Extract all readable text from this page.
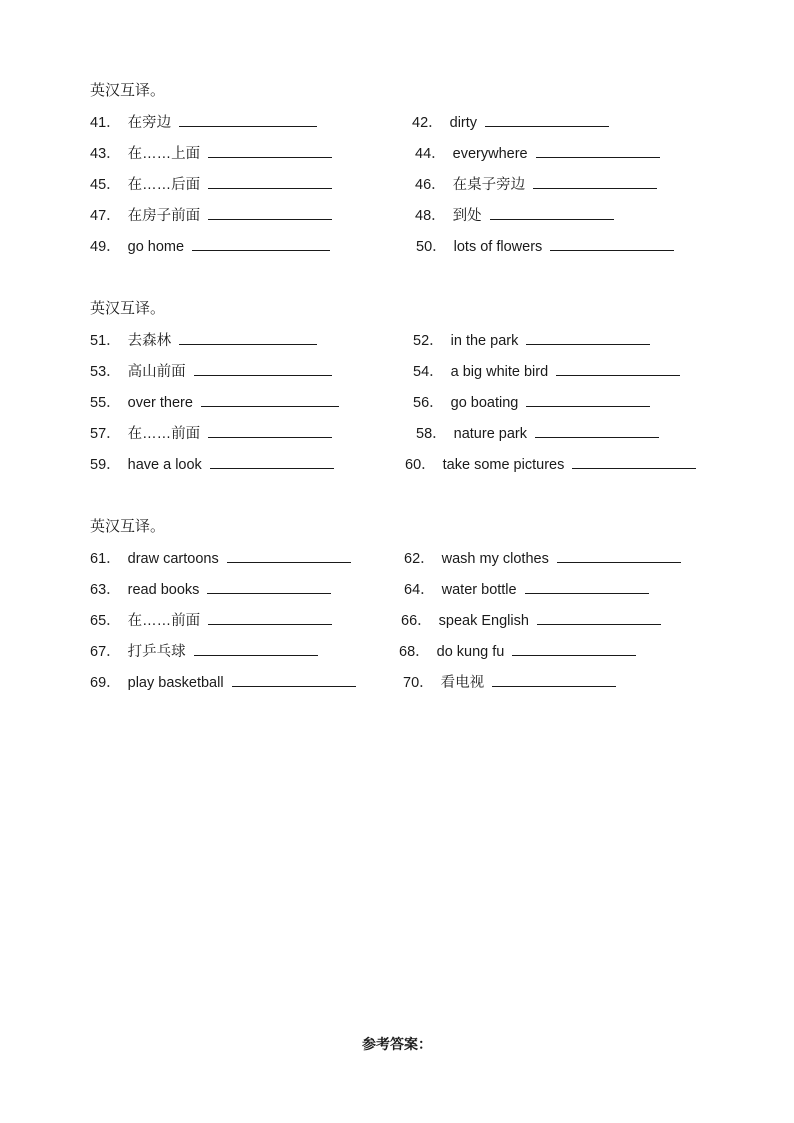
英汉互译。
41． 在旁边	42． dirty
43． 在……上面	44． everywhere
45． 在……后面	46． 在桌子旁边
47． 在房子前面	48． 到处
49． go home	50． lots of flowers
英汉互译。
51． 去森林	52． in the park
53． 高山前面	54． a big white bird
55． over there	56． go boating
57． 在……前面	58． nature park
59． have a look	60． take some pictures
英汉互译。
61． draw cartoons	62． wash my clothes
63． read books	64． water bottle
65． 在……前面	66． speak English
67． 打乒乓球	68． do kung fu
69． play basketball	70． 看电视
参考答案：
